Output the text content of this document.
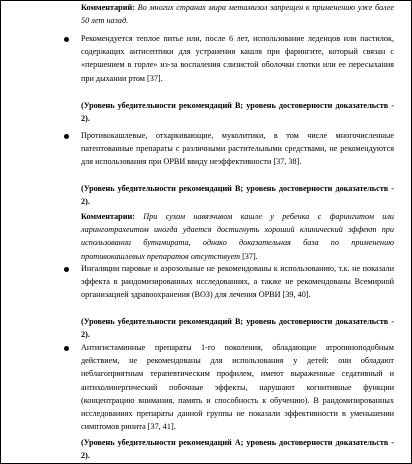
Комментарий: Во многих странах мира метамизол запрещен к применению уже более 50 лет назад.
Рекомендуется теплое питье или, после 6 лет, использование леденцов или пастилок, содержащих антисептики для устранения кашля при фарингите, который связан с «першением в горле» из-за воспаления слизистой оболочки глотки или ее пересыхания при дыхании ртом [37].
(Уровень убедительности рекомендаций B; уровень достоверности доказательств - 2).
Противокашлевые, отхаркивающие, муколитики, в том числе многочисленные патентованные препараты с различными растительными средствами, не рекомендуются для использования при ОРВИ ввиду неэффективности [37, 38].
(Уровень убедительности рекомендаций B; уровень достоверности доказательств - 2).
Комментарии: При сухом навязчивом кашле у ребенка с фарингитом или ларинготрахеитом иногда удается достигнуть хороший клинический эффект при использовании бутамирата, однако доказательная база по применению противокашлевых препаратов отсутствует [37].
Ингаляции паровые и аэрозольные не рекомендованы к использованию, т.к. не показали эффекта в рандомизированных исследованиях, а также не рекомендованы Всемирной организацией здравоохранения (ВОЗ) для лечения ОРВИ [39, 40].
(Уровень убедительности рекомендаций B; уровень достоверности доказательств - 2).
Антигистаминные препараты 1-го поколения, обладающие атропиноподобным действием, не рекомендованы для использования у детей: они обладают неблагоприятным терапевтическим профилем, имеют выраженные седативный и антихолинергический побочные эффекты, нарушают когнитивные функции (концентрацию внимания, память и способность к обучению). В рандомизированных исследованиях препараты данной группы не показали эффективности в уменьшении симптомов ринита [37, 41].
(Уровень убедительности рекомендаций A; уровень достоверности доказательств - 2).
